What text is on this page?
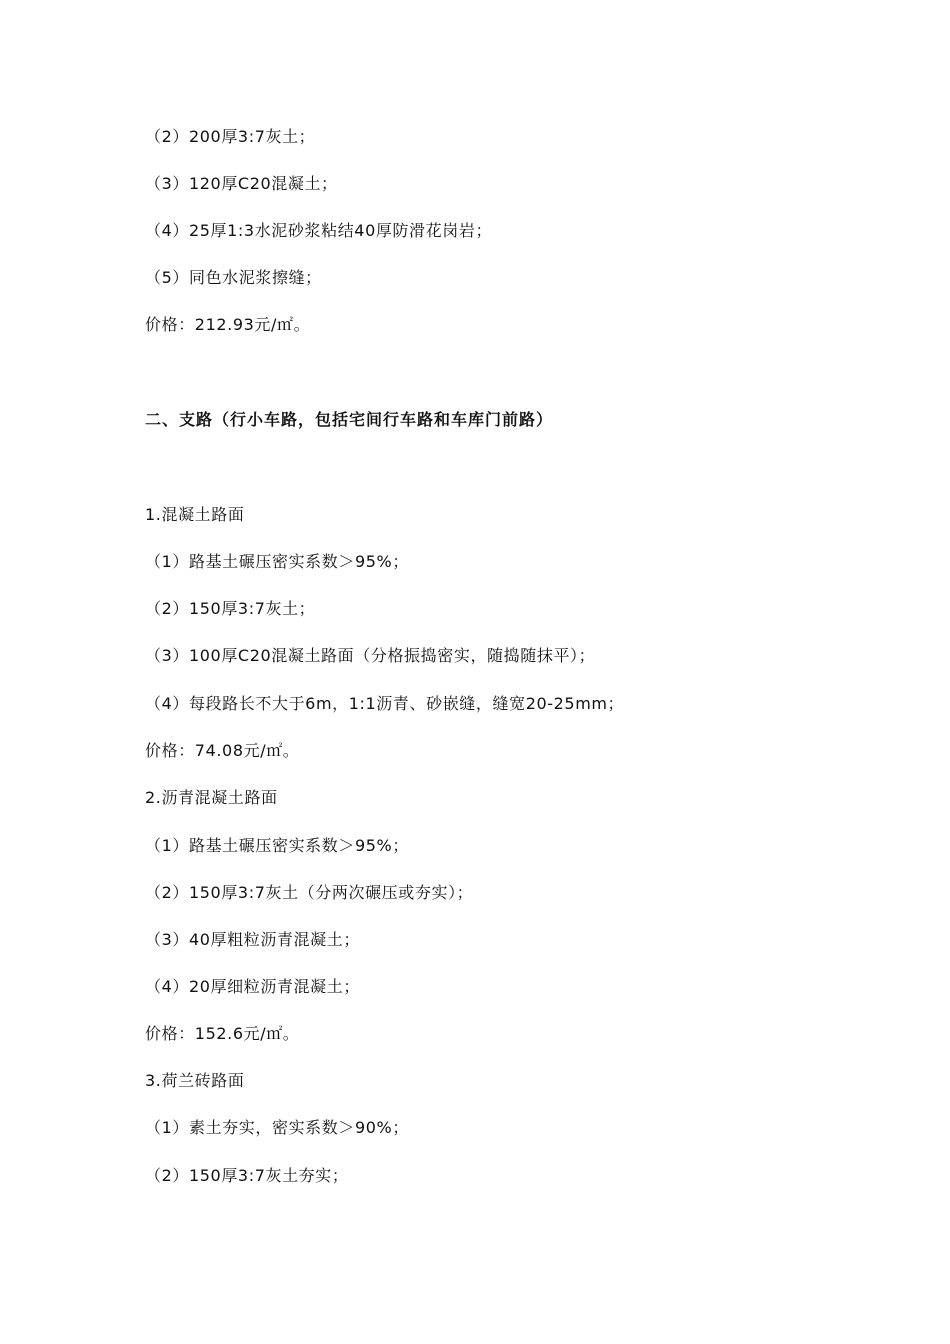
（2）200厚3:7灰土；
（3）120厚C20混凝土；
（4）25厚1:3水泥砂浆粘结40厚防滑花岗岩；
（5）同色水泥浆擦缝；
价格：212.93元/㎡。
二、支路（行小车路，包括宅间行车路和车库门前路）
1.混凝土路面
（1）路基土碾压密实系数＞95%；
（2）150厚3:7灰土；
（3）100厚C20混凝土路面（分格振捣密实，随捣随抹平）；
（4）每段路长不大于6m，1:1沥青、砂嵌缝，缝宽20-25mm；
价格：74.08元/㎡。
2.沥青混凝土路面
（1）路基土碾压密实系数＞95%；
（2）150厚3:7灰土（分两次碾压或夯实）；
（3）40厚粗粒沥青混凝土；
（4）20厚细粒沥青混凝土；
价格：152.6元/㎡。
3.荷兰砖路面
（1）素土夯实，密实系数＞90%；
（2）150厚3:7灰土夯实；
